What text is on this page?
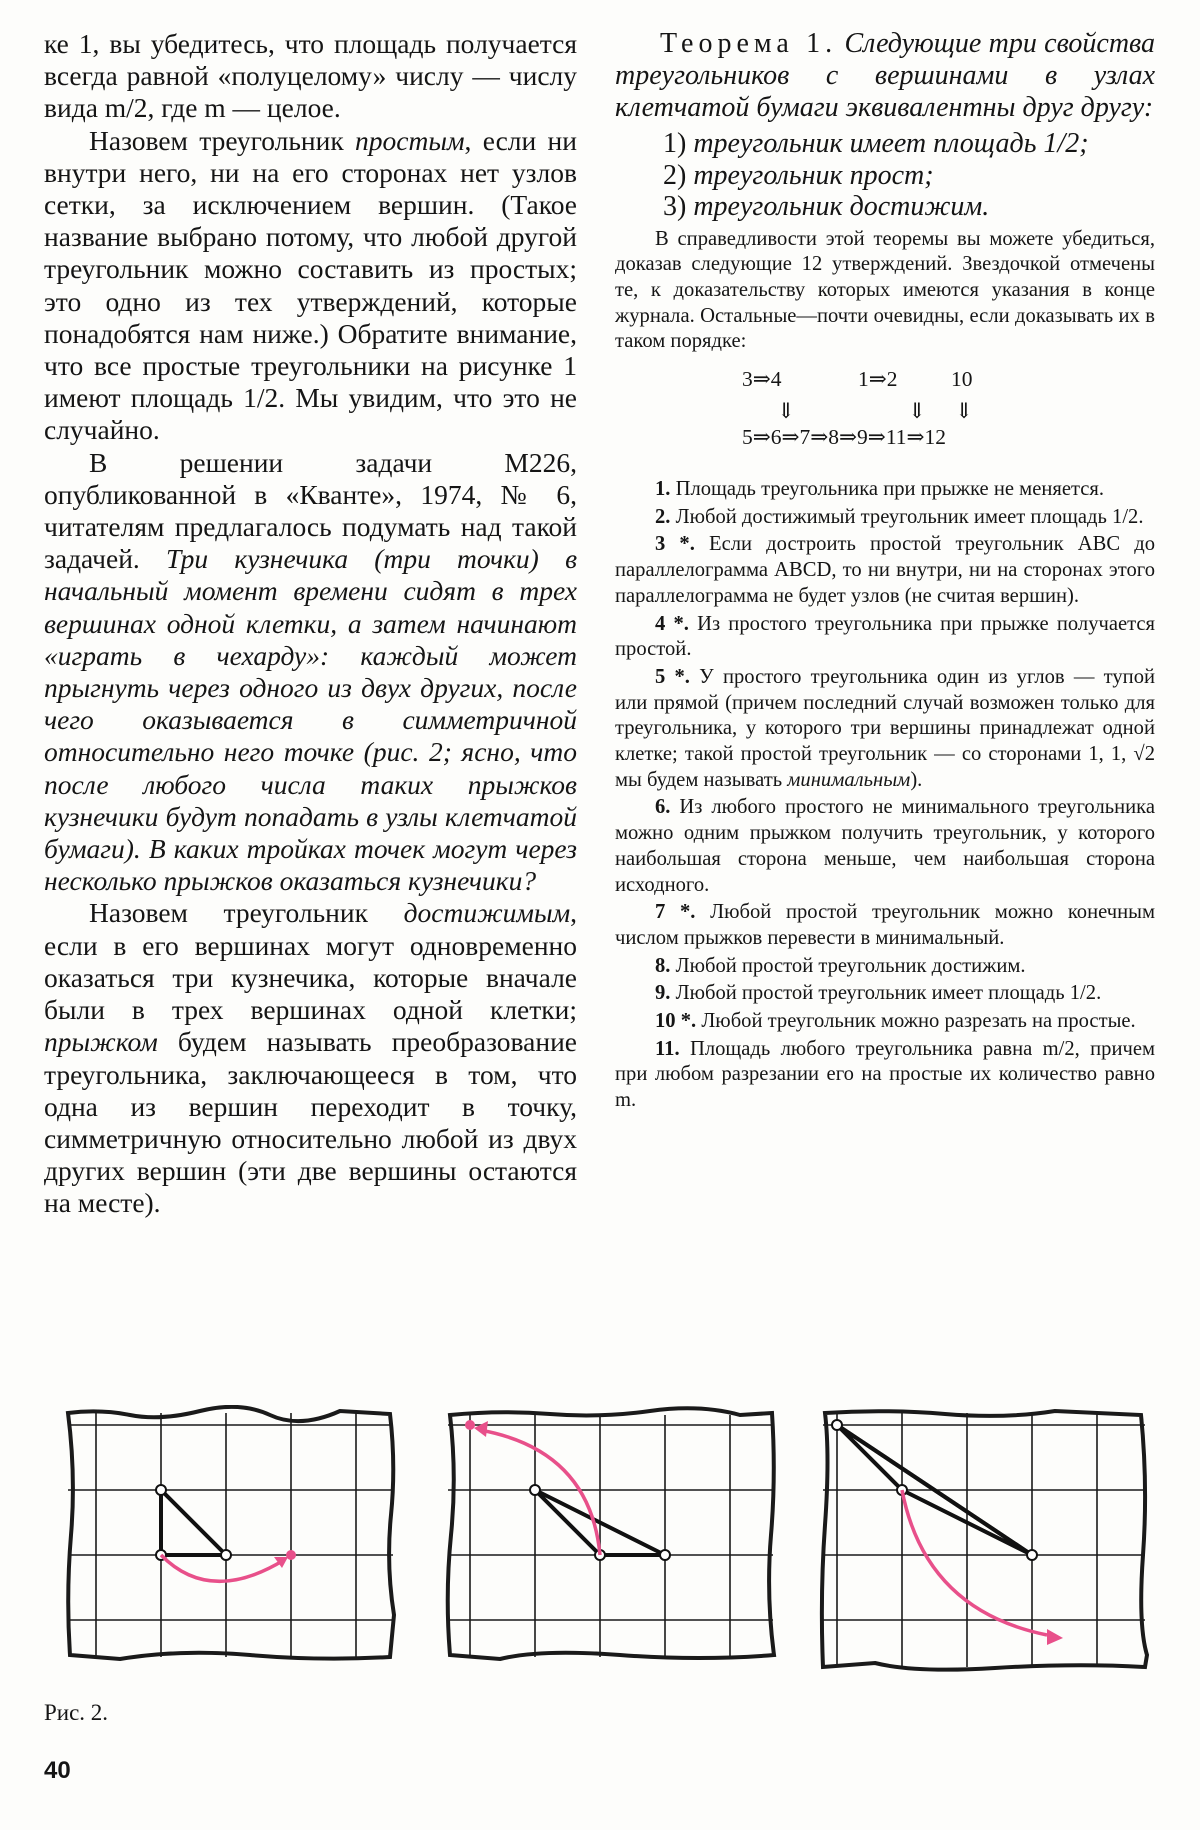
ке 1, вы убедитесь, что площадь получается всегда равной «полуцелому» числу — числу вида m/2, где m — целое.

Назовем треугольник простым, если ни внутри него, ни на его сторонах нет узлов сетки, за исключением вершин. (Такое название выбрано потому, что любой другой треугольник можно составить из простых; это одно из тех утверждений, которые понадобятся нам ниже.) Обратите внимание, что все простые треугольники на рисунке 1 имеют площадь 1/2. Мы увидим, что это не случайно.

В решении задачи М226, опубликованной в «Кванте», 1974, № 6, читателям предлагалось подумать над такой задачей. Три кузнечика (три точки) в начальный момент времени сидят в трех вершинах одной клетки, а затем начинают «играть в чехарду»: каждый может прыгнуть через одного из двух других, после чего оказывается в симметричной относительно него точке (рис. 2; ясно, что после любого числа таких прыжков кузнечики будут попадать в узлы клетчатой бумаги). В каких тройках точек могут через несколько прыжков оказаться кузнечики?

Назовем треугольник достижимым, если в его вершинах могут одновременно оказаться три кузнечика, которые вначале были в трех вершинах одной клетки; прыжком будем называть преобразование треугольника, заключающееся в том, что одна из вершин переходит в точку, симметричную относительно любой из двух других вершин (эти две вершины остаются на месте).

Теорема 1. Следующие три свойства треугольников с вершинами в узлах клетчатой бумаги эквивалентны друг другу:

1) треугольник имеет площадь 1/2;

2) треугольник прост;

3) треугольник достижим.

В справедливости этой теоремы вы можете убедиться, доказав следующие 12 утверждений. Звездочкой отмечены те, к доказательству которых имеются указания в конце журнала. Остальные—почти очевидны, если доказывать их в таком порядке:

3⇒4	1⇒2 10
⇓	⇓ ⇓
5⇒6⇒7⇒8⇒9⇒11⇒12

1. Площадь треугольника при прыжке не меняется.

2. Любой достижимый треугольник имеет площадь 1/2.

3 *. Если достроить простой треугольник ABC до параллелограмма ABCD, то ни внутри, ни на сторонах этого параллелограмма не будет узлов (не считая вершин).

4 *. Из простого треугольника при прыжке получается простой.

5 *. У простого треугольника один из углов — тупой или прямой (причем последний случай возможен только для треугольника, у которого три вершины принадлежат одной клетке; такой простой треугольник — со сторонами 1, 1, √2 мы будем называть минимальным).

6. Из любого простого не минимального треугольника можно одним прыжком получить треугольник, у которого наибольшая сторона меньше, чем наибольшая сторона исходного.

7 *. Любой простой треугольник можно конечным числом прыжков перевести в минимальный.

8. Любой простой треугольник достижим.

9. Любой простой треугольник имеет площадь 1/2.

10 *. Любой треугольник можно разрезать на простые.

11. Площадь любого треугольника равна m/2, причем при любом разрезании его на простые их количество равно m.

Рис. 2.
40
